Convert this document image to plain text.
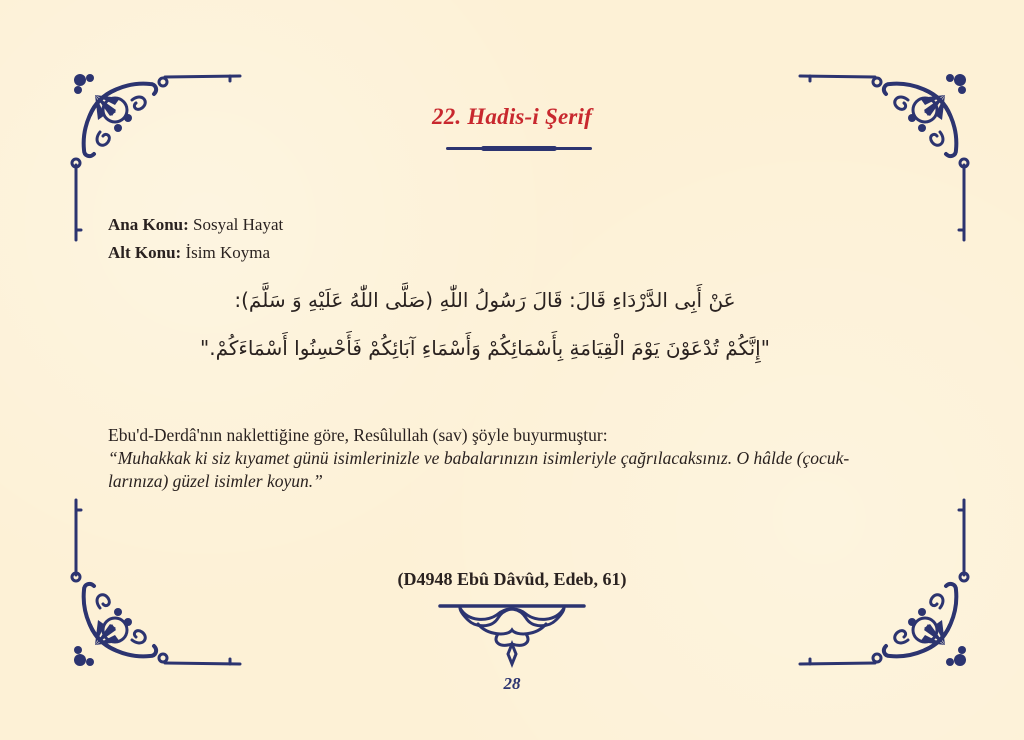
22. Hadis-i Şerif
Ana Konu: Sosyal Hayat
Alt Konu: İsim Koyma
عَنْ أَبِى الدَّرْدَاءِ قَالَ: قَالَ رَسُولُ اللّٰهِ (صَلَّى اللّٰهُ عَلَيْهِ وَ سَلَّمَ):
"إِنَّكُمْ تُدْعَوْنَ يَوْمَ الْقِيَامَةِ بِأَسْمَائِكُمْ وَأَسْمَاءِ آبَائِكُمْ فَأَحْسِنُوا أَسْمَاءَكُمْ."
Ebu'd-Derdâ'nın naklettiğine göre, Resûlullah (sav) şöyle buyurmuştur:
“Muhakkak ki siz kıyamet günü isimlerinizle ve babalarınızın isimleriyle çağrılacaksınız. O hâlde (çocuk-
larınıza) güzel isimler koyun.”
(D4948 Ebû Dâvûd, Edeb, 61)
28
